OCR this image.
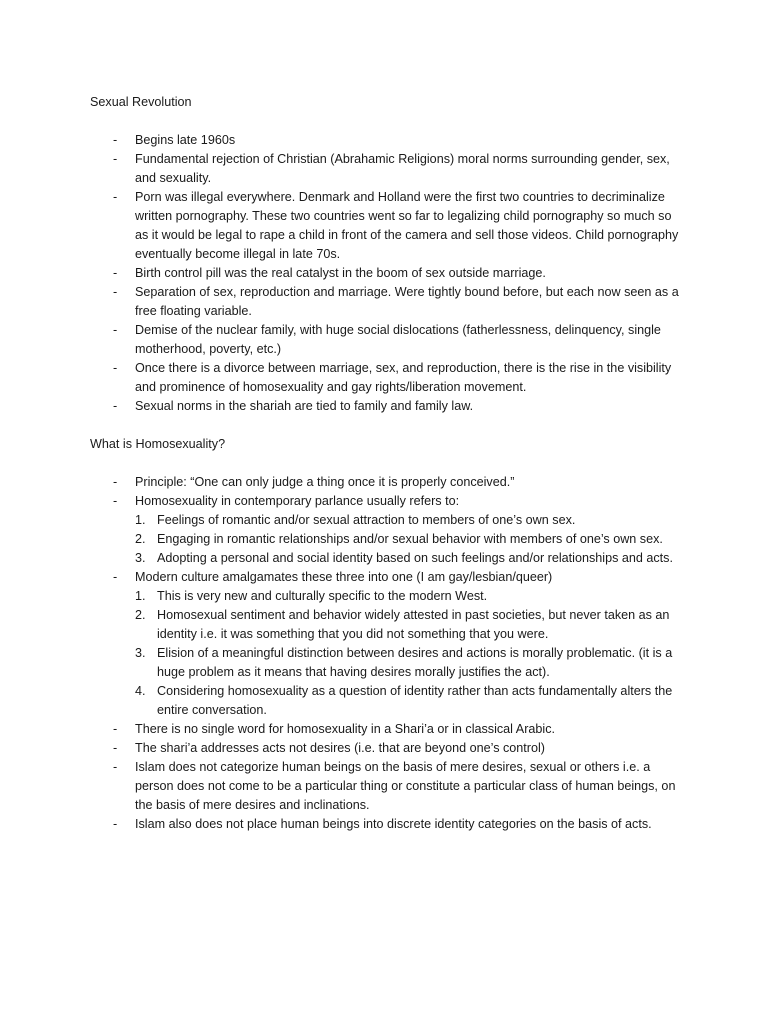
Sexual Revolution

- Begins late 1960s
- Fundamental rejection of Christian (Abrahamic Religions) moral norms surrounding gender, sex, and sexuality.
- Porn was illegal everywhere. Denmark and Holland were the first two countries to decriminalize written pornography. These two countries went so far to legalizing child pornography so much so as it would be legal to rape a child in front of the camera and sell those videos. Child pornography eventually become illegal in late 70s.
- Birth control pill was the real catalyst in the boom of sex outside marriage.
- Separation of sex, reproduction and marriage. Were tightly bound before, but each now seen as a free floating variable.
- Demise of the nuclear family, with huge social dislocations (fatherlessness, delinquency, single motherhood, poverty, etc.)
- Once there is a divorce between marriage, sex, and reproduction, there is the rise in the visibility and prominence of homosexuality and gay rights/liberation movement.
- Sexual norms in the shariah are tied to family and family law.

What is Homosexuality?

- Principle: “One can only judge a thing once it is properly conceived.”
- Homosexuality in contemporary parlance usually refers to:
1. Feelings of romantic and/or sexual attraction to members of one’s own sex.
2. Engaging in romantic relationships and/or sexual behavior with members of one’s own sex.
3. Adopting a personal and social identity based on such feelings and/or relationships and acts.
- Modern culture amalgamates these three into one (I am gay/lesbian/queer)
1. This is very new and culturally specific to the modern West.
2. Homosexual sentiment and behavior widely attested in past societies, but never taken as an identity i.e. it was something that you did not something that you were.
3. Elision of a meaningful distinction between desires and actions is morally problematic. (it is a huge problem as it means that having desires morally justifies the act).
4. Considering homosexuality as a question of identity rather than acts fundamentally alters the entire conversation.
- There is no single word for homosexuality in a Shari’a or in classical Arabic.
- The shari’a addresses acts not desires (i.e. that are beyond one’s control)
- Islam does not categorize human beings on the basis of mere desires, sexual or others i.e. a person does not come to be a particular thing or constitute a particular class of human beings, on the basis of mere desires and inclinations.
- Islam also does not place human beings into discrete identity categories on the basis of acts.
